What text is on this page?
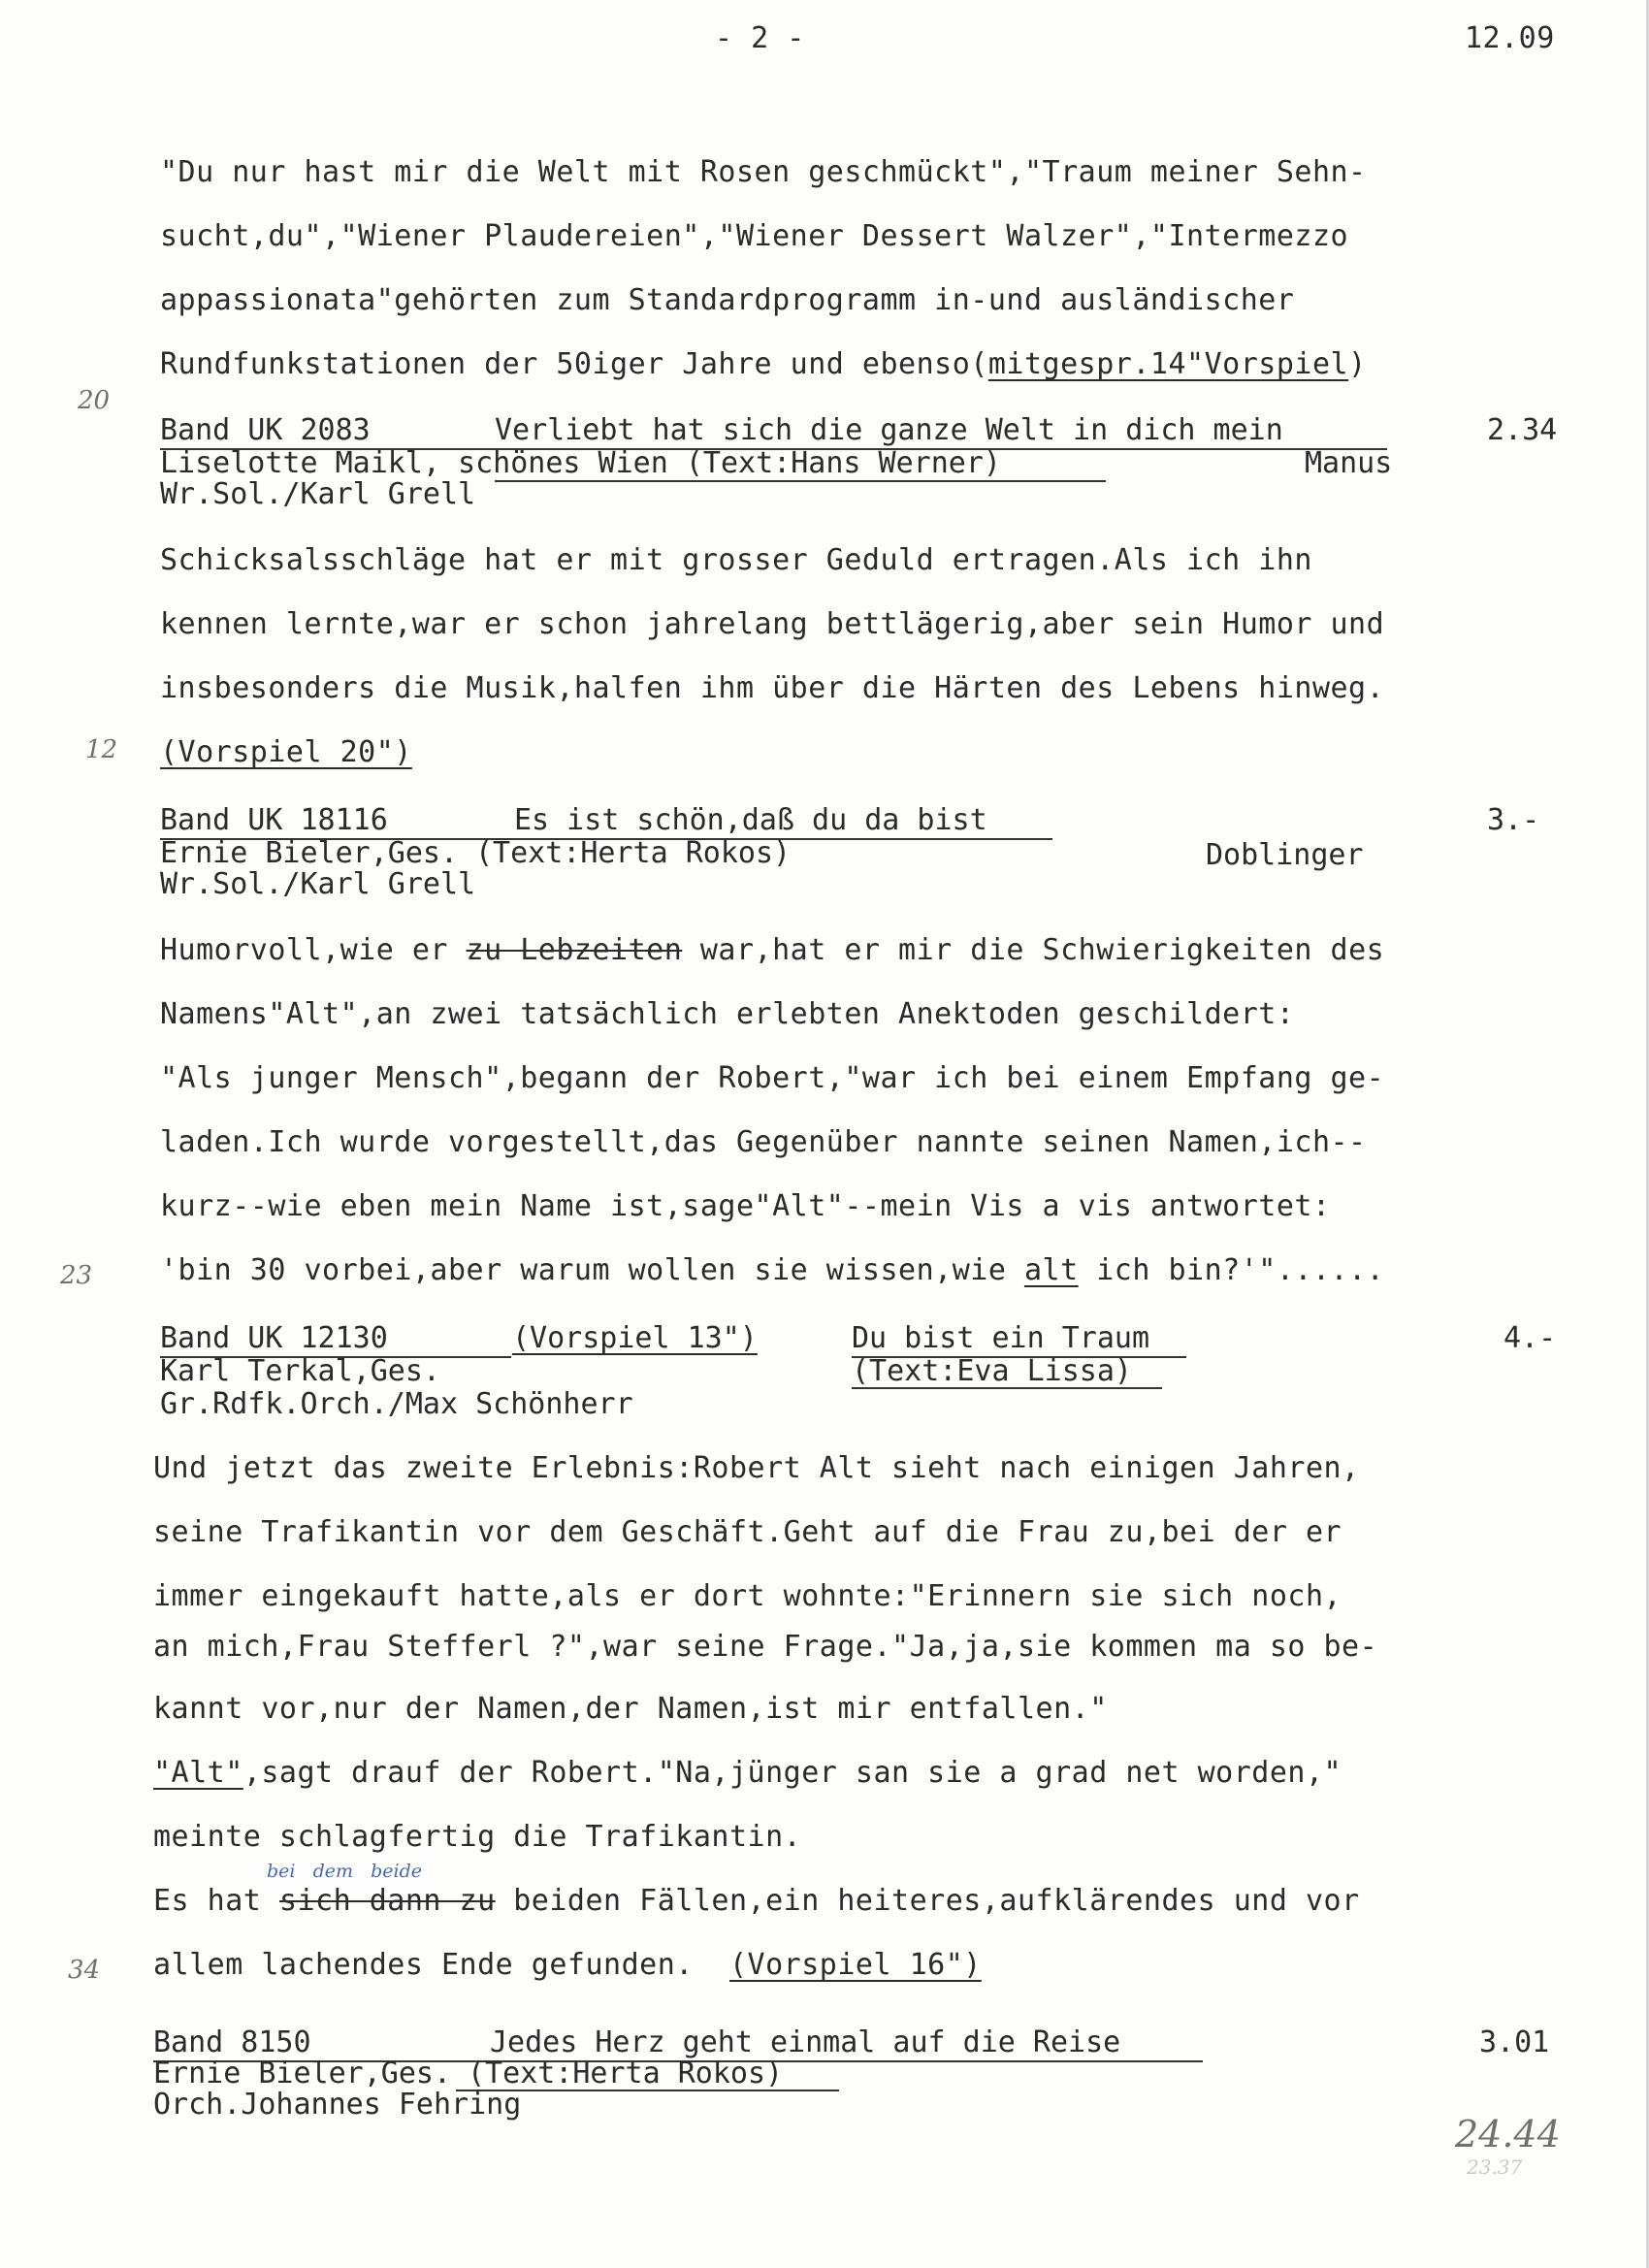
- 2 -	12.09
"Du nur hast mir die Welt mit Rosen geschmückt","Traum meiner Sehn-
sucht,du","Wiener Plaudereien","Wiener Dessert Walzer","Intermezzo
appassionata"gehörten zum Standardprogramm in-und ausländischer
Rundfunkstationen der 50iger Jahre und ebenso(mitgespr.14"Vorspiel)
20
Band UK 2083	Verliebt hat sich die ganze Welt in dich mein	2.34
Liselotte Maikl, schönes Wien (Text:Hans Werner)	Manus
Wr.Sol./Karl Grell
Schicksalsschläge hat er mit grosser Geduld ertragen.Als ich ihn
kennen lernte,war er schon jahrelang bettlägerig,aber sein Humor und
insbesonders die Musik,halfen ihm über die Härten des Lebens hinweg.
(Vorspiel 20")
12
Band UK 18116	Es ist schön,daß du da bist	3.-
Ernie Bieler,Ges. (Text:Herta Rokos)	Doblinger
Wr.Sol./Karl Grell
Humorvoll,wie er zu Lebzeiten war,hat er mir die Schwierigkeiten des
Namens"Alt",an zwei tatsächlich erlebten Anektoden geschildert:
"Als junger Mensch",begann der Robert,"war ich bei einem Empfang ge-
laden.Ich wurde vorgestellt,das Gegenüber nannte seinen Namen,ich--
kurz--wie eben mein Name ist,sage"Alt"--mein Vis a vis antwortet:
'bin 30 vorbei,aber warum wollen sie wissen,wie alt ich bin?'"......
23
Band UK 12130	(Vorspiel 13")	Du bist ein Traum	4.-
Karl Terkal,Ges.	(Text:Eva Lissa)
Gr.Rdfk.Orch./Max Schönherr
Und jetzt das zweite Erlebnis:Robert Alt sieht nach einigen Jahren,
seine Trafikantin vor dem Geschäft.Geht auf die Frau zu,bei der er
immer eingekauft hatte,als er dort wohnte:"Erinnern sie sich noch,
an mich,Frau Stefferl ?",war seine Frage."Ja,ja,sie kommen ma so be-
kannt vor,nur der Namen,der Namen,ist mir entfallen."
"Alt",sagt drauf der Robert."Na,jünger san sie a grad net worden,"
meinte schlagfertig die Trafikantin.
bei   dem   beide
Es hat sich dann zu beiden Fällen,ein heiteres,aufklärendes und vor
allem lachendes Ende gefunden.  (Vorspiel 16")
34
Band 8150	Jedes Herz geht einmal auf die Reise	3.01
Ernie Bieler,Ges. (Text:Herta Rokos)
Orch.Johannes Fehring
24.44
23.37
